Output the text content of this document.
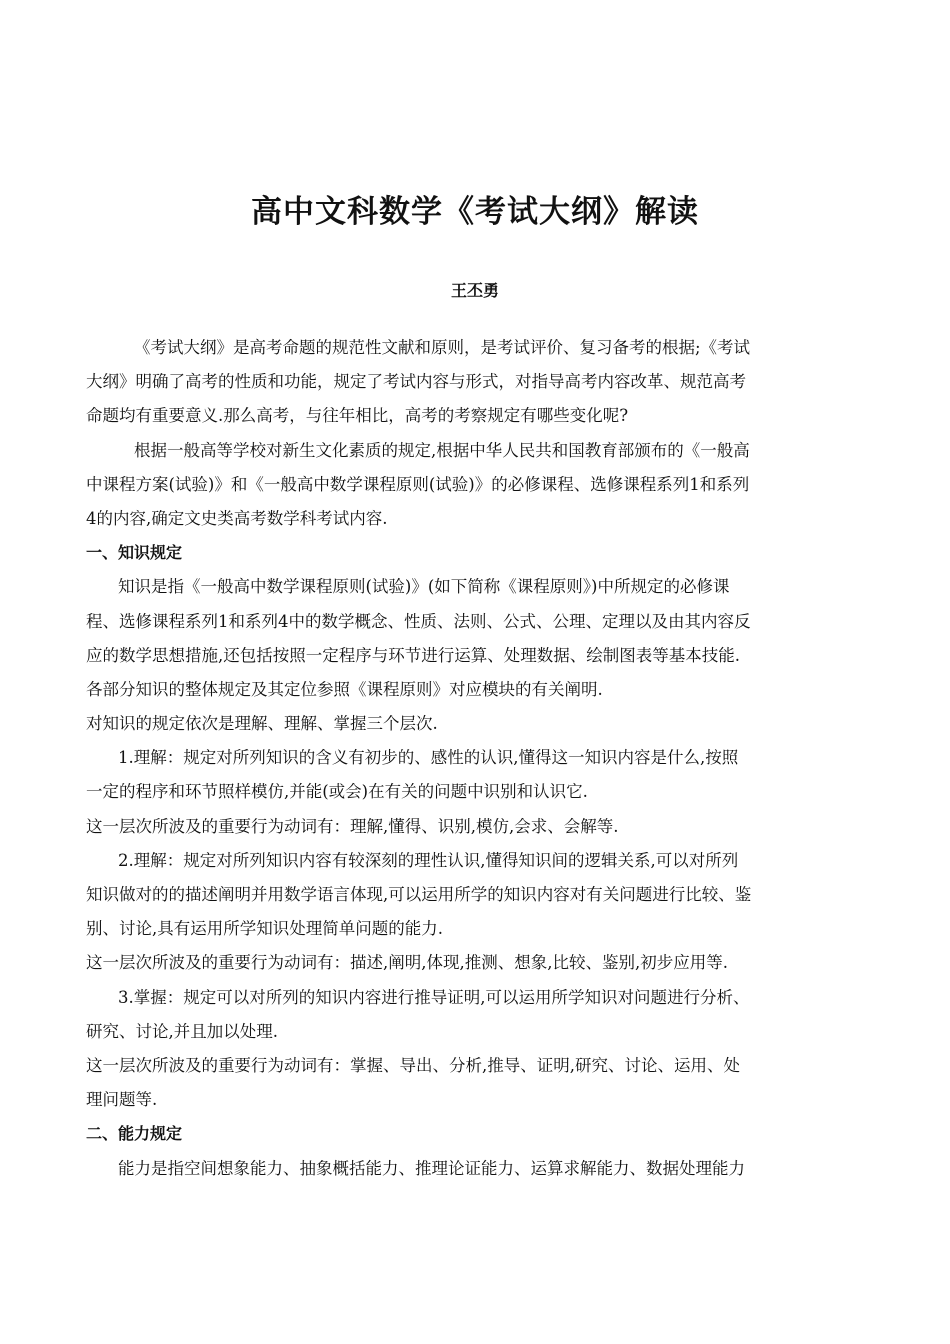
高中文科数学《考试大纲》解读

王丕勇

《考试大纲》是高考命题的规范性文献和原则，是考试评价、复习备考的根据;《考试

大纲》明确了高考的性质和功能，规定了考试内容与形式，对指导高考内容改革、规范高考

命题均有重要意义.那么高考，与往年相比，高考的考察规定有哪些变化呢?

根据一般高等学校对新生文化素质的规定,根据中华人民共和国教育部颁布的《一般高

中课程方案(试验)》和《一般高中数学课程原则(试验)》的必修课程、选修课程系列1和系列

4的内容,确定文史类高考数学科考试内容.

一、知识规定

知识是指《一般高中数学课程原则(试验)》(如下简称《课程原则》)中所规定的必修课

程、选修课程系列1和系列4中的数学概念、性质、法则、公式、公理、定理以及由其内容反

应的数学思想措施,还包括按照一定程序与环节进行运算、处理数据、绘制图表等基本技能.

各部分知识的整体规定及其定位参照《课程原则》对应模块的有关阐明.

对知识的规定依次是理解、理解、掌握三个层次.

1.理解：规定对所列知识的含义有初步的、感性的认识,懂得这一知识内容是什么,按照

一定的程序和环节照样模仿,并能(或会)在有关的问题中识别和认识它.

这一层次所波及的重要行为动词有：理解,懂得、识别,模仿,会求、会解等.

2.理解：规定对所列知识内容有较深刻的理性认识,懂得知识间的逻辑关系,可以对所列

知识做对的的描述阐明并用数学语言体现,可以运用所学的知识内容对有关问题进行比较、鉴

别、讨论,具有运用所学知识处理简单问题的能力.

这一层次所波及的重要行为动词有：描述,阐明,体现,推测、想象,比较、鉴别,初步应用等.

3.掌握：规定可以对所列的知识内容进行推导证明,可以运用所学知识对问题进行分析、

研究、讨论,并且加以处理.

这一层次所波及的重要行为动词有：掌握、导出、分析,推导、证明,研究、讨论、运用、处

理问题等.

二、能力规定

能力是指空间想象能力、抽象概括能力、推理论证能力、运算求解能力、数据处理能力
